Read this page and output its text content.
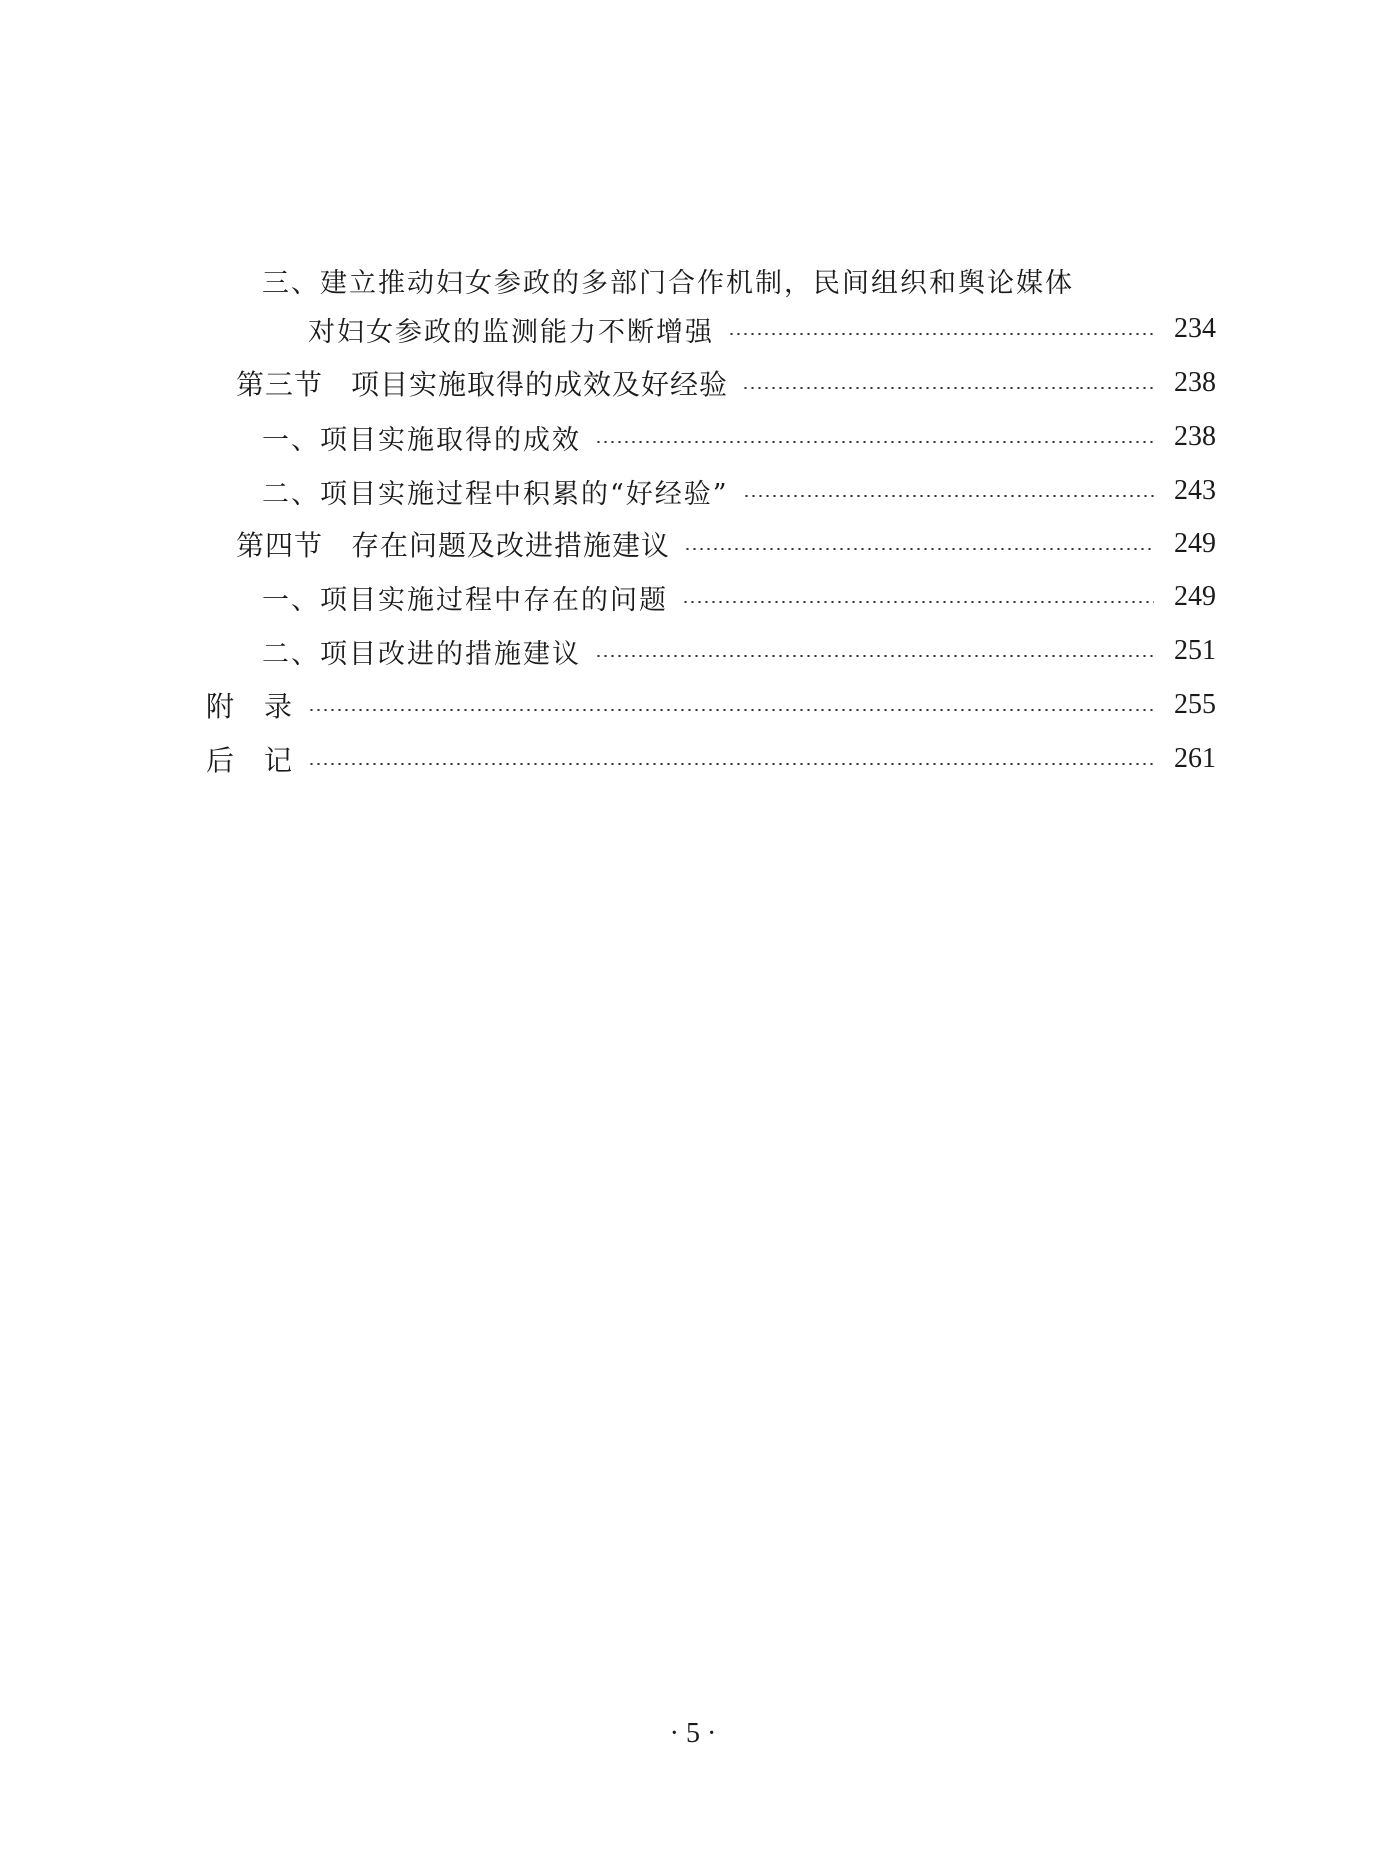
三、建立推动妇女参政的多部门合作机制，民间组织和舆论媒体
对妇女参政的监测能力不断增强	234
第三节 项目实施取得的成效及好经验	238
一、项目实施取得的成效	238
二、项目实施过程中积累的“好经验”	243
第四节 存在问题及改进措施建议	249
一、项目实施过程中存在的问题	249
二、项目改进的措施建议	251
附 录	255
后 记	261
· 5 ·
